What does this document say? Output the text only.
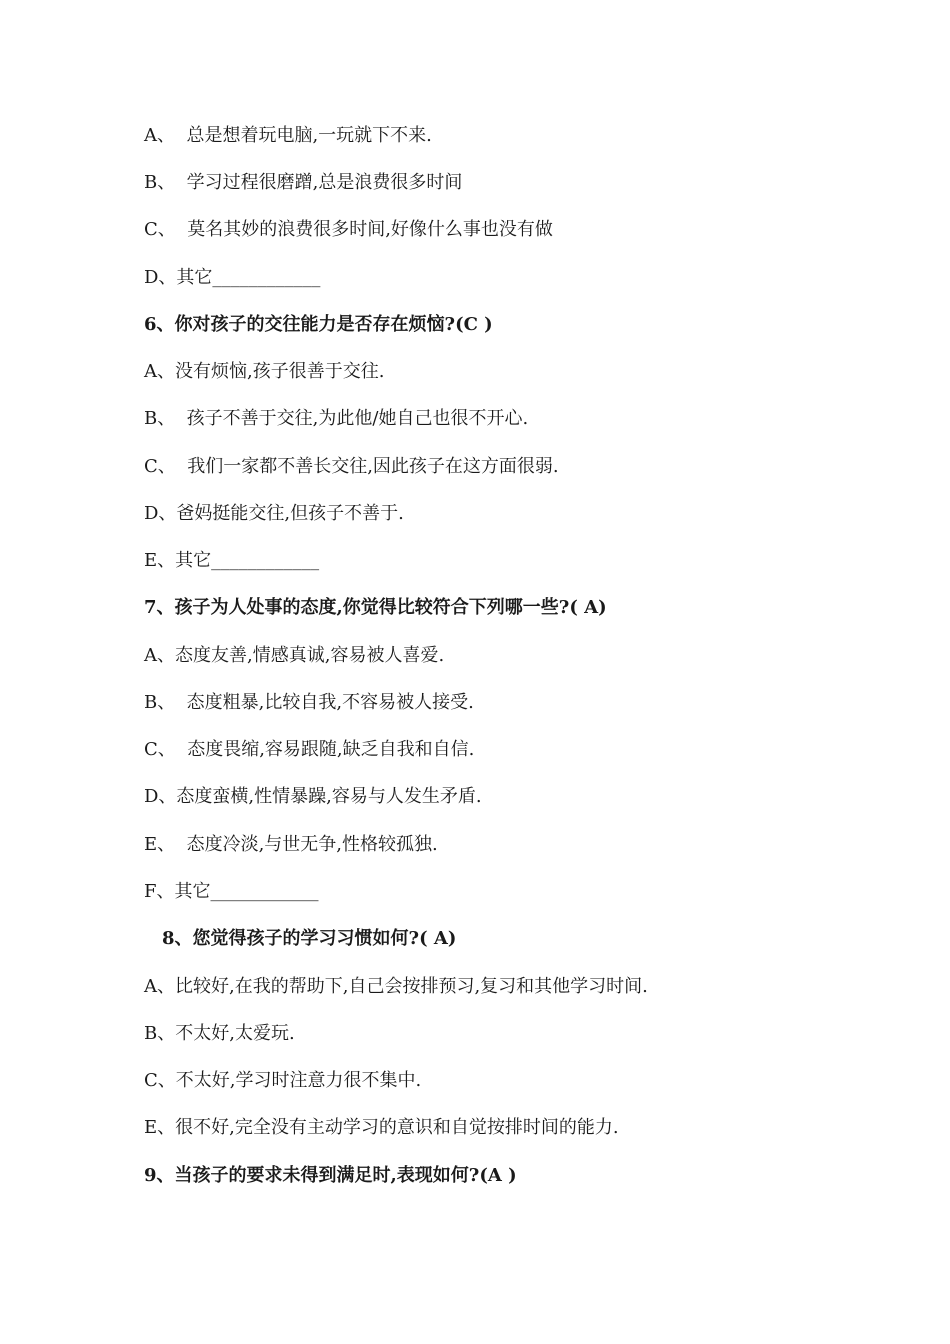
A、  总是想着玩电脑,一玩就下不来.
B、  学习过程很磨蹭,总是浪费很多时间
C、  莫名其妙的浪费很多时间,好像什么事也没有做
D、其它____________
6、你对孩子的交往能力是否存在烦恼?(C )
A、没有烦恼,孩子很善于交往.
B、  孩子不善于交往,为此他/她自己也很不开心.
C、  我们一家都不善长交往,因此孩子在这方面很弱.
D、爸妈挺能交往,但孩子不善于.
E、其它____________
7、孩子为人处事的态度,你觉得比较符合下列哪一些?( A)
A、态度友善,情感真诚,容易被人喜爱.
B、  态度粗暴,比较自我,不容易被人接受.
C、  态度畏缩,容易跟随,缺乏自我和自信.
D、态度蛮横,性情暴躁,容易与人发生矛盾.
E、  态度冷淡,与世无争,性格较孤独.
F、其它____________
8、您觉得孩子的学习习惯如何?( A)
A、比较好,在我的帮助下,自己会按排预习,复习和其他学习时间.
B、不太好,太爱玩.
C、不太好,学习时注意力很不集中.
E、很不好,完全没有主动学习的意识和自觉按排时间的能力.
9、当孩子的要求未得到满足时,表现如何?(A )
